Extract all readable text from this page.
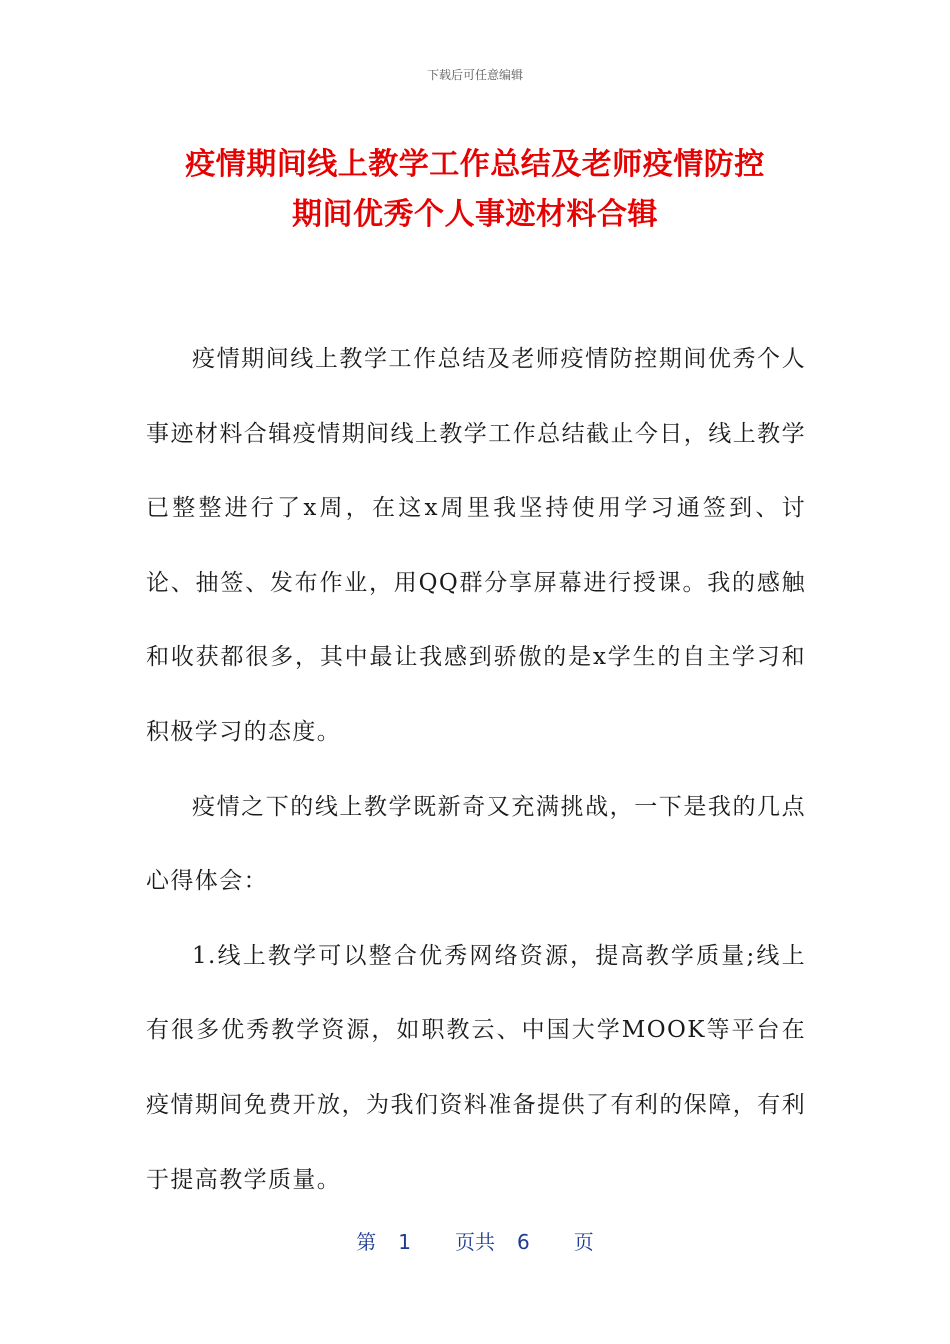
下载后可任意编辑
疫情期间线上教学工作总结及老师疫情防控
期间优秀个人事迹材料合辑

疫情期间线上教学工作总结及老师疫情防控期间优秀个人事迹材料合辑疫情期间线上教学工作总结截止今日，线上教学已整整进行了x周，在这x周里我坚持使用学习通签到、讨论、抽签、发布作业，用QQ群分享屏幕进行授课。我的感触和收获都很多，其中最让我感到骄傲的是x学生的自主学习和积极学习的态度。

疫情之下的线上教学既新奇又充满挑战，一下是我的几点心得体会：

1.线上教学可以整合优秀网络资源，提高教学质量;线上有很多优秀教学资源，如职教云、中国大学MOOK等平台在疫情期间免费开放，为我们资料准备提供了有利的保障，有利于提高教学质量。

第 1 页共 6 页
